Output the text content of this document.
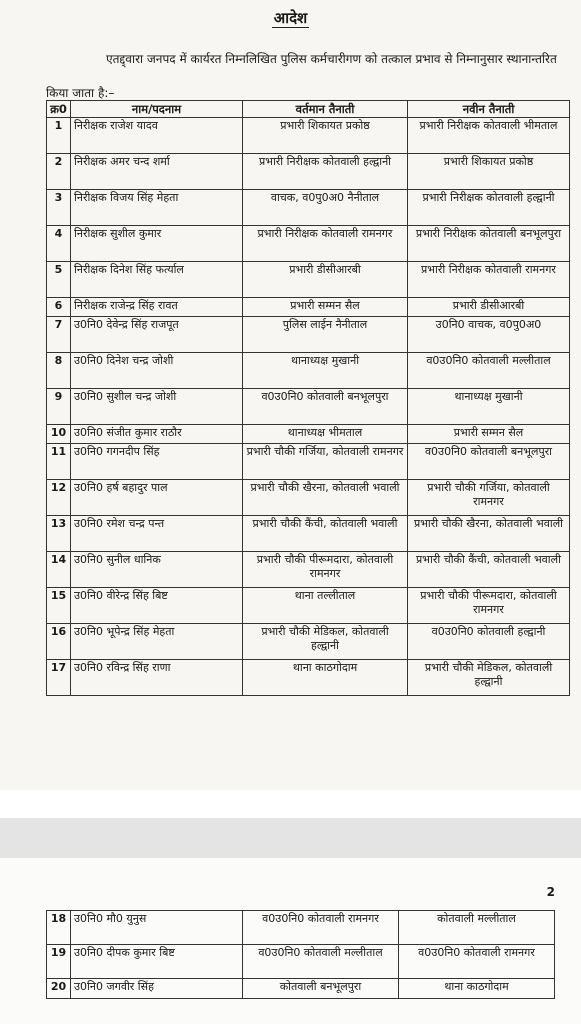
आदेश
एतद्द्वारा जनपद में कार्यरत निम्नलिखित पुलिस कर्मचारीगण को तत्काल प्रभाव से निम्नानुसार स्थानान्तरित किया जाता है:–
क्र0	नाम/पदनाम	वर्तमान तैनाती	नवीन तैनाती
1	निरीक्षक राजेश यादव	प्रभारी शिकायत प्रकोष्ठ	प्रभारी निरीक्षक कोतवाली भीमताल
2	निरीक्षक अमर चन्द शर्मा	प्रभारी निरीक्षक कोतवाली हल्द्वानी	प्रभारी शिकायत प्रकोष्ठ
3	निरीक्षक विजय सिंह मेहता	वाचक, व0पु0अ0 नैनीताल	प्रभारी निरीक्षक कोतवाली हल्द्वानी
4	निरीक्षक सुशील कुमार	प्रभारी निरीक्षक कोतवाली रामनगर	प्रभारी निरीक्षक कोतवाली बनभूलपुरा
5	निरीक्षक दिनेश सिंह फर्त्याल	प्रभारी डीसीआरबी	प्रभारी निरीक्षक कोतवाली रामनगर
6	निरीक्षक राजेन्द्र सिंह रावत	प्रभारी सम्मन सैल	प्रभारी डीसीआरबी
7	उ0नि0 देवेन्द्र सिंह राजपूत	पुलिस लाईन नैनीताल	उ0नि0 वाचक, व0पु0अ0
8	उ0नि0 दिनेश चन्द्र जोशी	थानाध्यक्ष मुखानी	व0उ0नि0 कोतवाली मल्लीताल
9	उ0नि0 सुशील चन्द्र जोशी	व0उ0नि0 कोतवाली बनभूलपुरा	थानाध्यक्ष मुखानी
10	उ0नि0 संजीत कुमार राठौर	थानाध्यक्ष भीमताल	प्रभारी सम्मन सैल
11	उ0नि0 गगनदीप सिंह	प्रभारी चौकी गर्जिया, कोतवाली रामनगर	व0उ0नि0 कोतवाली बनभूलपुरा
12	उ0नि0 हर्ष बहादुर पाल	प्रभारी चौकी खैरना, कोतवाली भवाली	प्रभारी चौकी गर्जिया, कोतवाली रामनगर
13	उ0नि0 रमेश चन्द्र पन्त	प्रभारी चौकी कैंची, कोतवाली भवाली	प्रभारी चौकी खैरना, कोतवाली भवाली
14	उ0नि0 सुनील धानिक	प्रभारी चौकी पीरूमदारा, कोतवाली रामनगर	प्रभारी चौकी कैंची, कोतवाली भवाली
15	उ0नि0 वीरेन्द्र सिंह बिष्ट	थाना तल्लीताल	प्रभारी चौकी पीरूमदारा, कोतवाली रामनगर
16	उ0नि0 भूपेन्द्र सिंह मेहता	प्रभारी चौकी मेडिकल, कोतवाली हल्द्वानी	व0उ0नि0 कोतवाली हल्द्वानी
17	उ0नि0 रविन्द्र सिंह राणा	थाना काठगोदाम	प्रभारी चौकी मेडिकल, कोतवाली हल्द्वानी
2
18	उ0नि0 मौ0 युनुस	व0उ0नि0 कोतवाली रामनगर	कोतवाली मल्लीताल
19	उ0नि0 दीपक कुमार बिष्ट	व0उ0नि0 कोतवाली मल्लीताल	व0उ0नि0 कोतवाली रामनगर
20	उ0नि0 जगवीर सिंह	कोतवाली बनभूलपुरा	थाना काठगोदाम
